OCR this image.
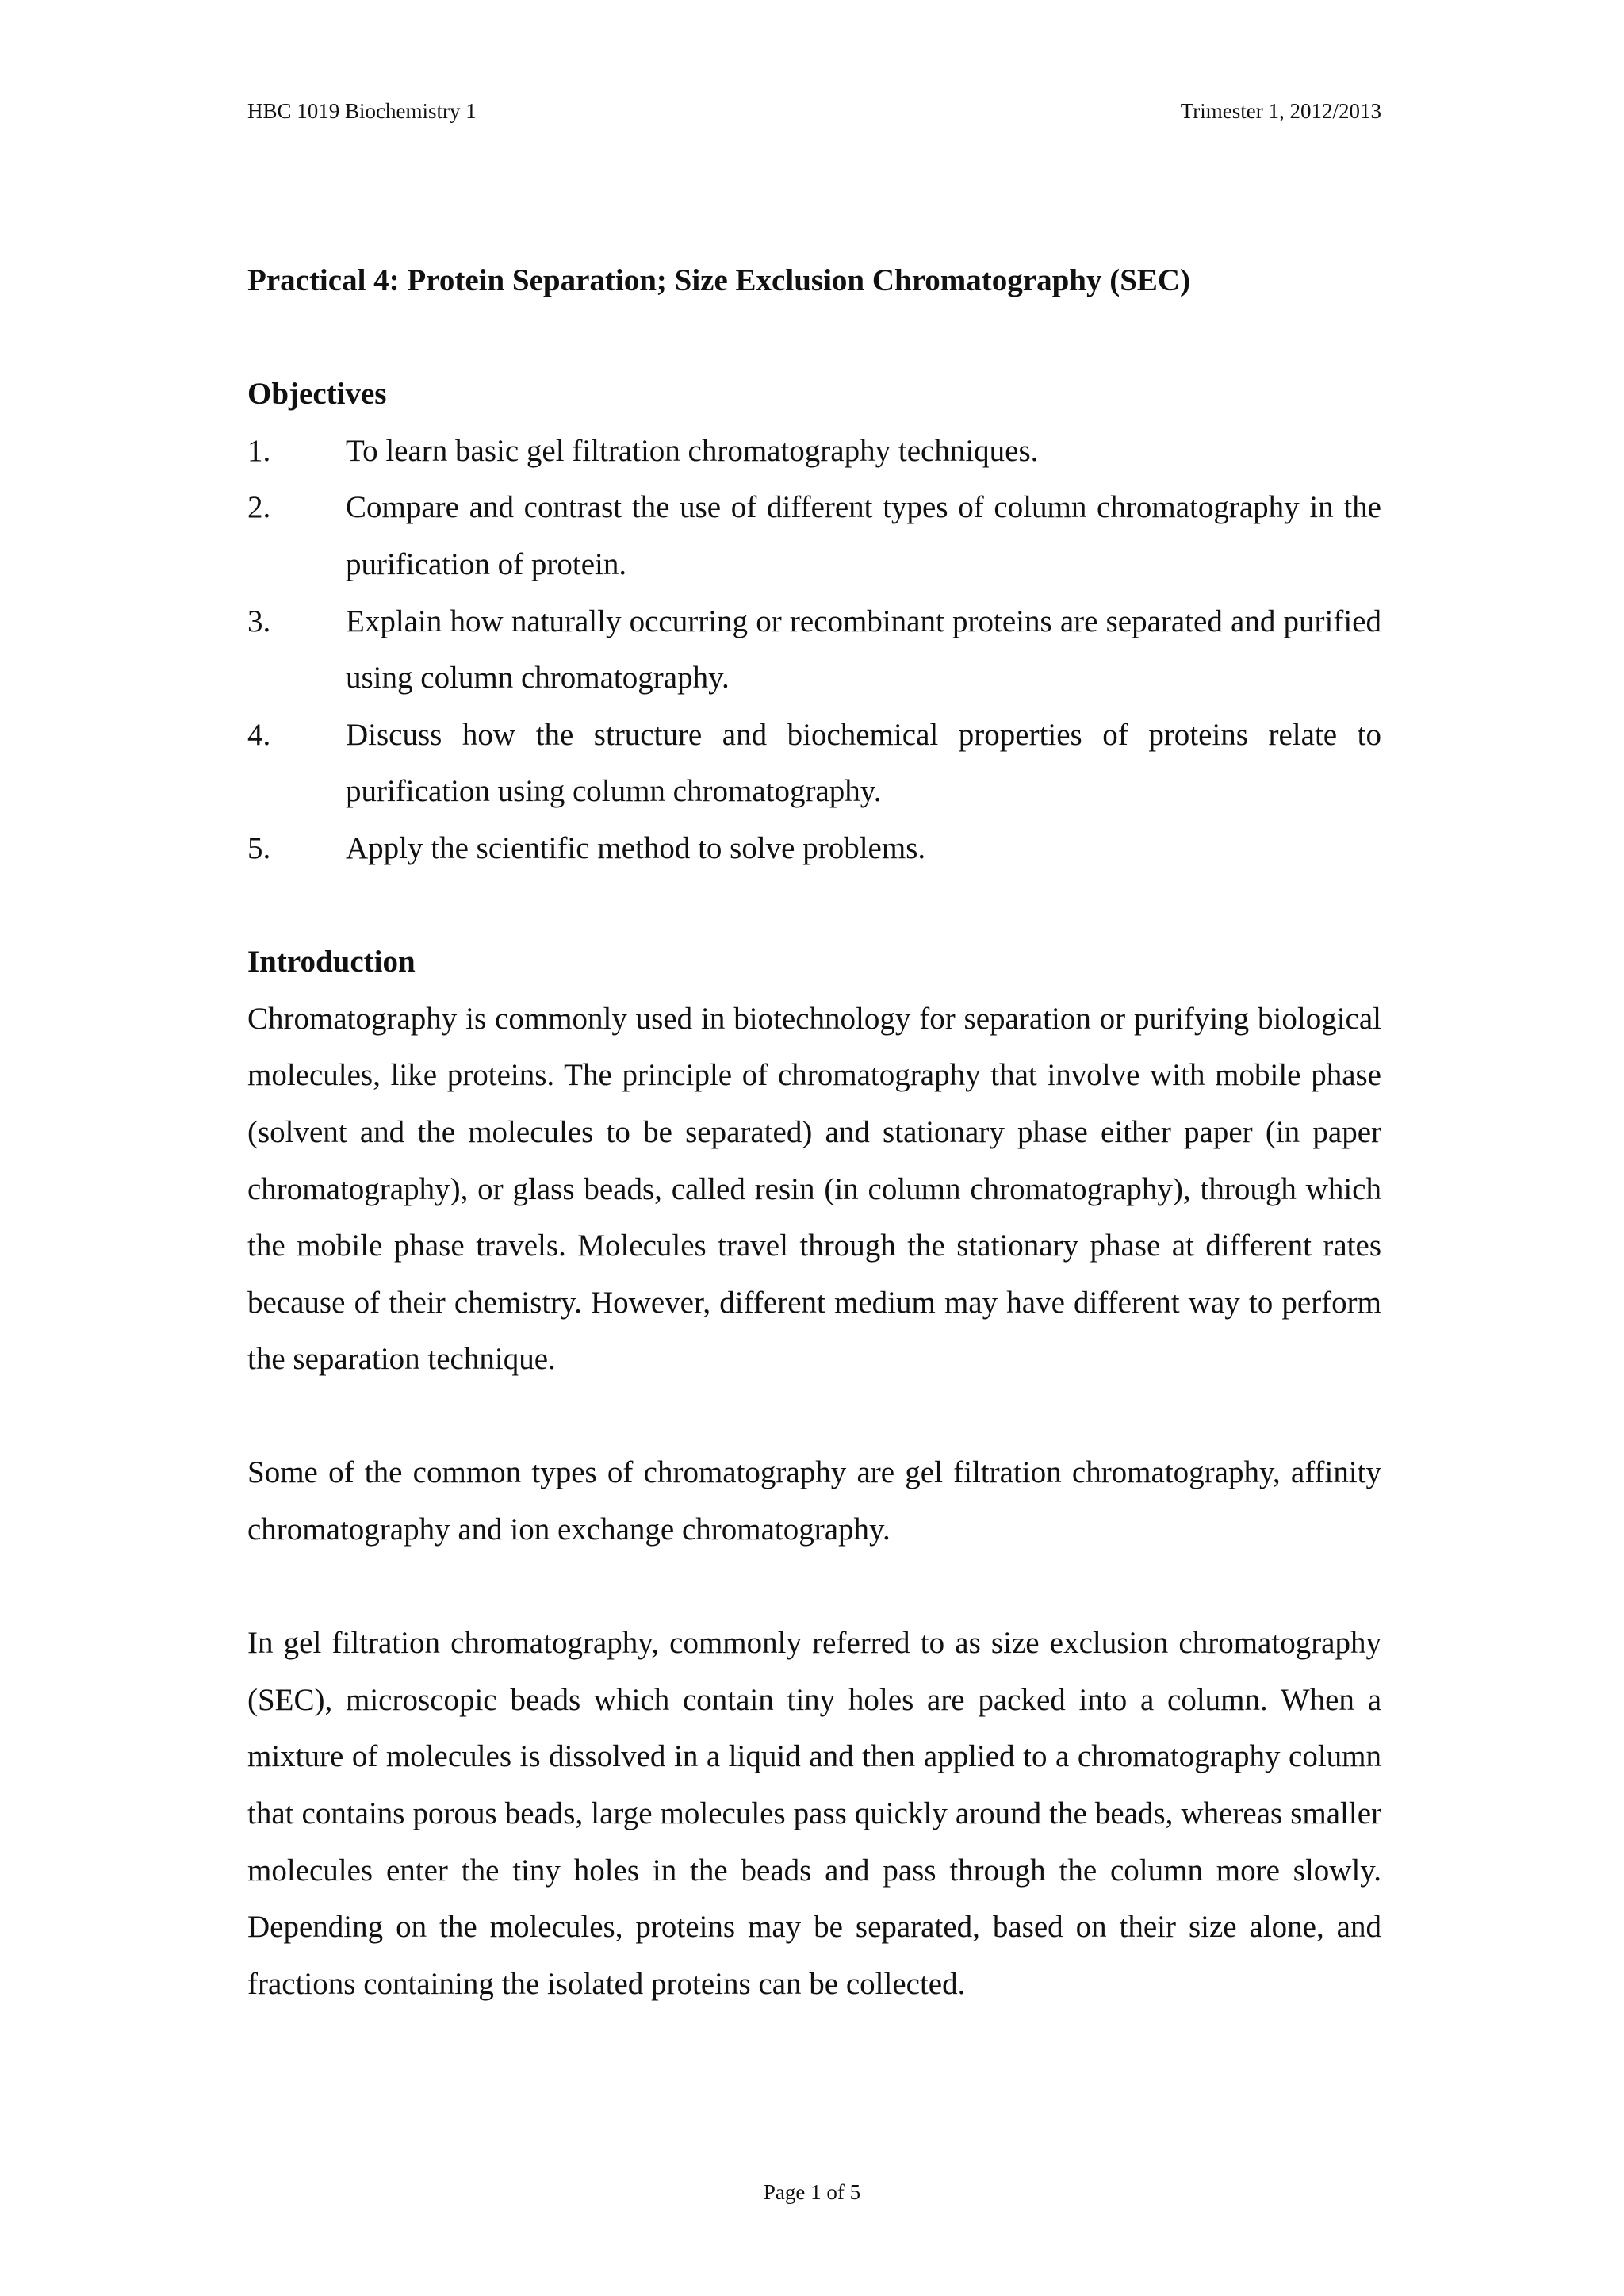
HBC 1019 Biochemistry 1	Trimester 1, 2012/2013
Practical 4: Protein Separation; Size Exclusion Chromatography (SEC)
Objectives
1.	To learn basic gel filtration chromatography techniques.
2.	Compare and contrast the use of different types of column chromatography in the purification of protein.
3.	Explain how naturally occurring or recombinant proteins are separated and purified using column chromatography.
4.	Discuss how the structure and biochemical properties of proteins relate to purification using column chromatography.
5.	Apply the scientific method to solve problems.
Introduction

Chromatography is commonly used in biotechnology for separation or purifying biological molecules, like proteins. The principle of chromatography that involve with mobile phase (solvent and the molecules to be separated) and stationary phase either paper (in paper chromatography), or glass beads, called resin (in column chromatography), through which the mobile phase travels. Molecules travel through the stationary phase at different rates because of their chemistry. However, different medium may have different way to perform the separation technique.

Some of the common types of chromatography are gel filtration chromatography, affinity chromatography and ion exchange chromatography.

In gel filtration chromatography, commonly referred to as size exclusion chromatography (SEC), microscopic beads which contain tiny holes are packed into a column. When a mixture of molecules is dissolved in a liquid and then applied to a chromatography column that contains porous beads, large molecules pass quickly around the beads, whereas smaller molecules enter the tiny holes in the beads and pass through the column more slowly. Depending on the molecules, proteins may be separated, based on their size alone, and fractions containing the isolated proteins can be collected.

Page 1 of 5
